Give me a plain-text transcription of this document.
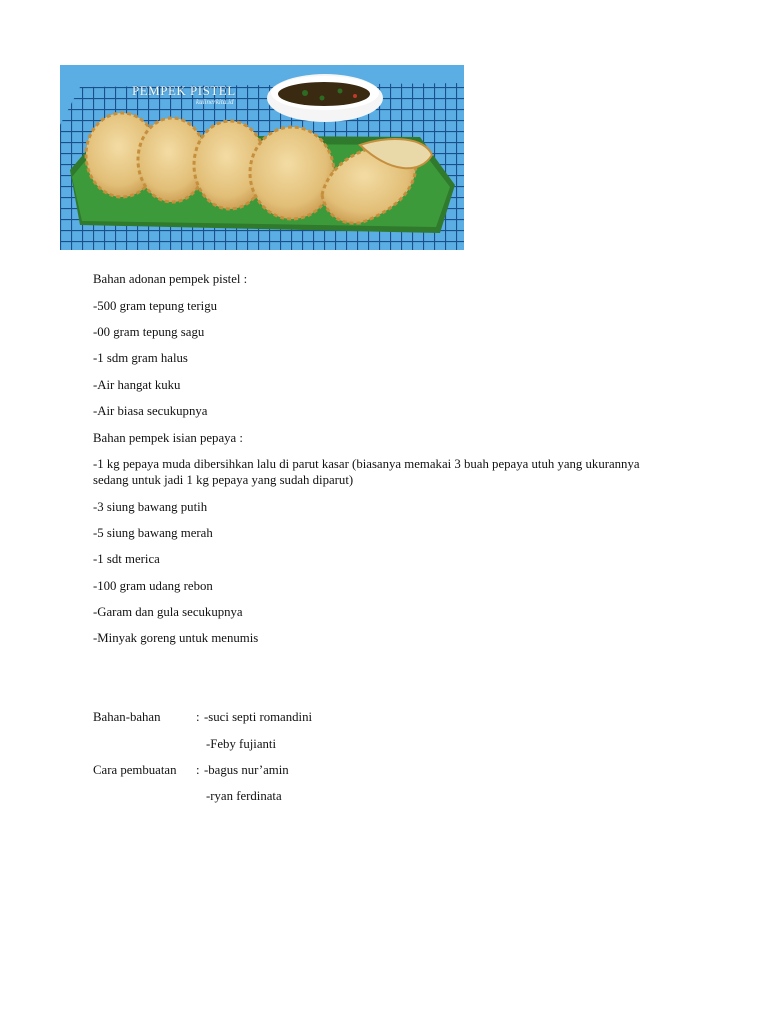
PEMPEK PISTEL
kulinerkita.id
Bahan adonan pempek pistel :
-500 gram tepung terigu
-00 gram tepung sagu
-1 sdm gram halus
-Air hangat kuku
-Air biasa secukupnya
Bahan pempek isian pepaya :
-1 kg pepaya muda dibersihkan lalu di parut kasar (biasanya memakai 3 buah pepaya utuh yang ukurannya sedang untuk jadi 1 kg pepaya yang sudah diparut)
-3 siung bawang putih
-5 siung bawang merah
-1 sdt merica
-100 gram udang rebon
-Garam dan gula secukupnya
-Minyak goreng untuk menumis
Bahan-bahan	: -suci septi romandini
-Feby fujianti
Cara pembuatan : -bagus nur’amin
-ryan ferdinata
